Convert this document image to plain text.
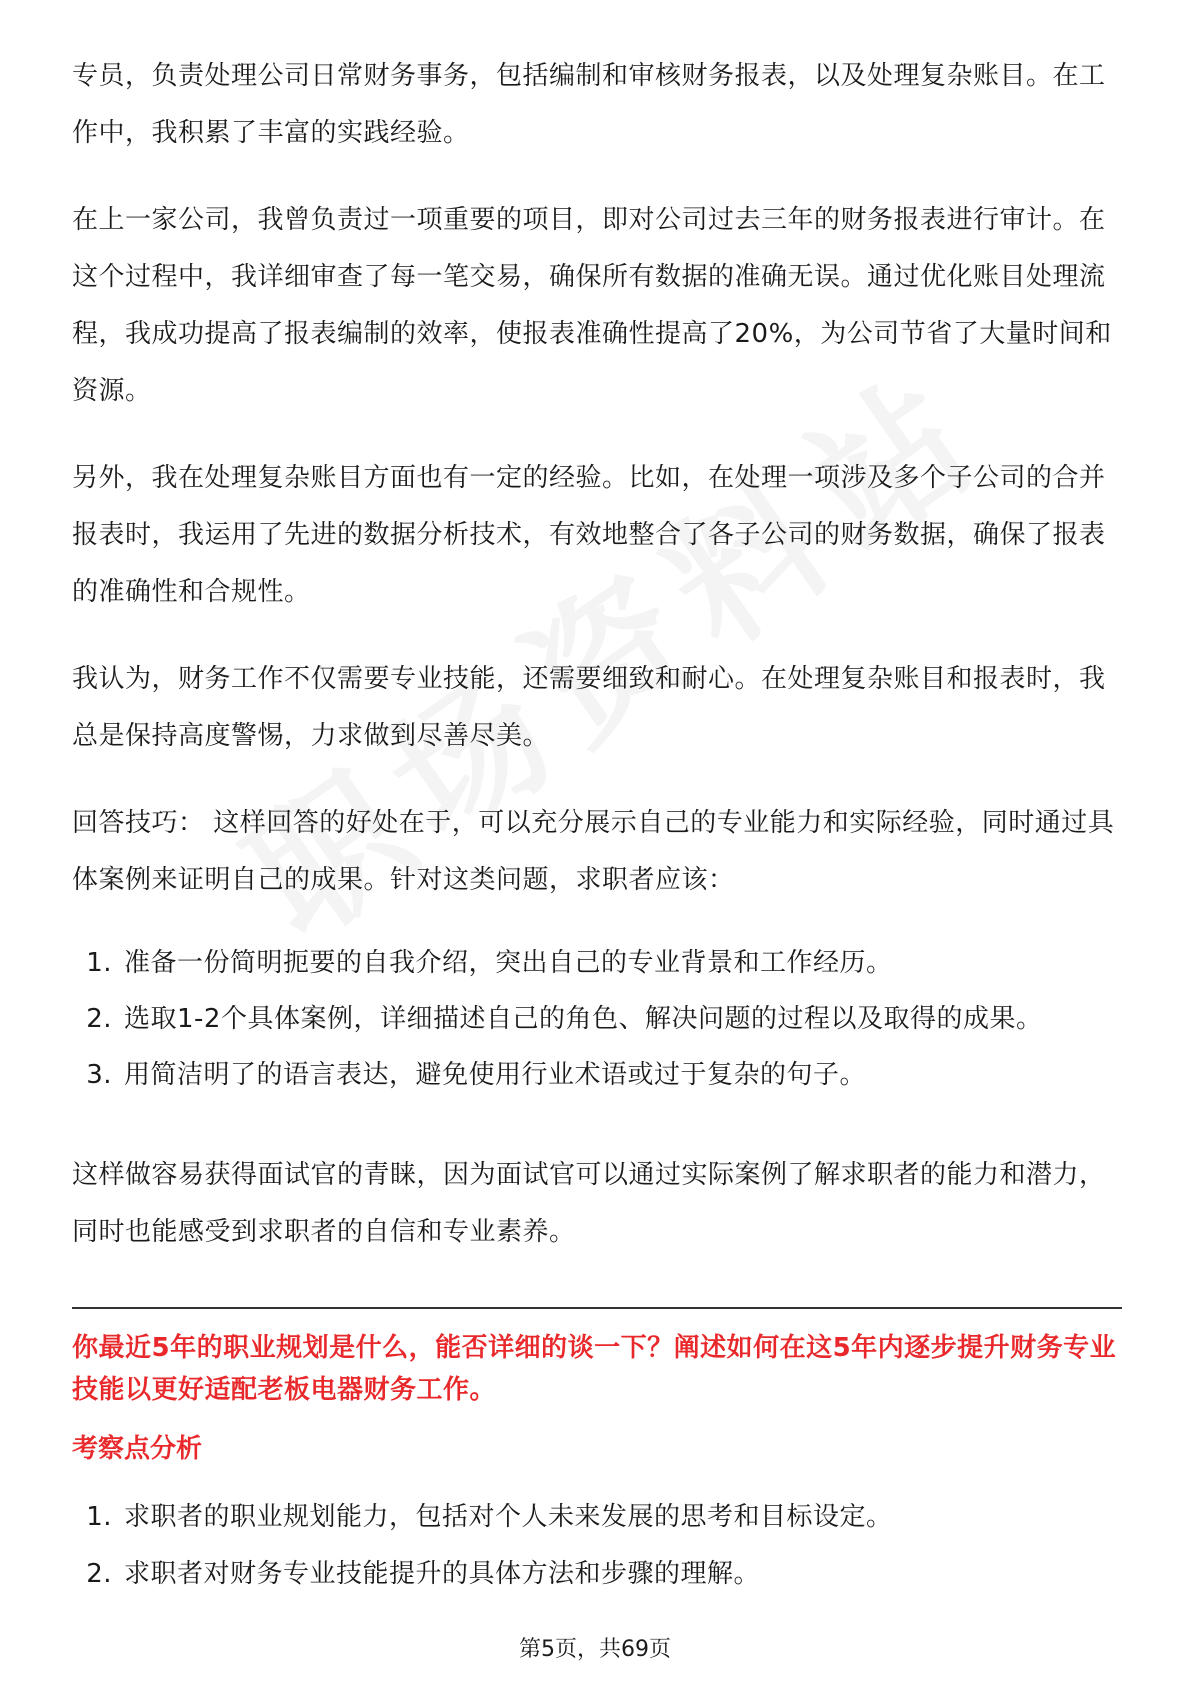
专员，负责处理公司日常财务事务，包括编制和审核财务报表，以及处理复杂账目。在工作中，我积累了丰富的实践经验。

在上一家公司，我曾负责过一项重要的项目，即对公司过去三年的财务报表进行审计。在这个过程中，我详细审查了每一笔交易，确保所有数据的准确无误。通过优化账目处理流程，我成功提高了报表编制的效率，使报表准确性提高了20%，为公司节省了大量时间和资源。

另外，我在处理复杂账目方面也有一定的经验。比如，在处理一项涉及多个子公司的合并报表时，我运用了先进的数据分析技术，有效地整合了各子公司的财务数据，确保了报表的准确性和合规性。

我认为，财务工作不仅需要专业技能，还需要细致和耐心。在处理复杂账目和报表时，我总是保持高度警惕，力求做到尽善尽美。

回答技巧： 这样回答的好处在于，可以充分展示自己的专业能力和实际经验，同时通过具体案例来证明自己的成果。针对这类问题，求职者应该：

1. 准备一份简明扼要的自我介绍，突出自己的专业背景和工作经历。
2. 选取1-2个具体案例，详细描述自己的角色、解决问题的过程以及取得的成果。
3. 用简洁明了的语言表达，避免使用行业术语或过于复杂的句子。

这样做容易获得面试官的青睐，因为面试官可以通过实际案例了解求职者的能力和潜力，同时也能感受到求职者的自信和专业素养。

你最近5年的职业规划是什么，能否详细的谈一下？阐述如何在这5年内逐步提升财务专业技能以更好适配老板电器财务工作。
考察点分析
1. 求职者的职业规划能力，包括对个人未来发展的思考和目标设定。
2. 求职者对财务专业技能提升的具体方法和步骤的理解。
第5页，共69页
